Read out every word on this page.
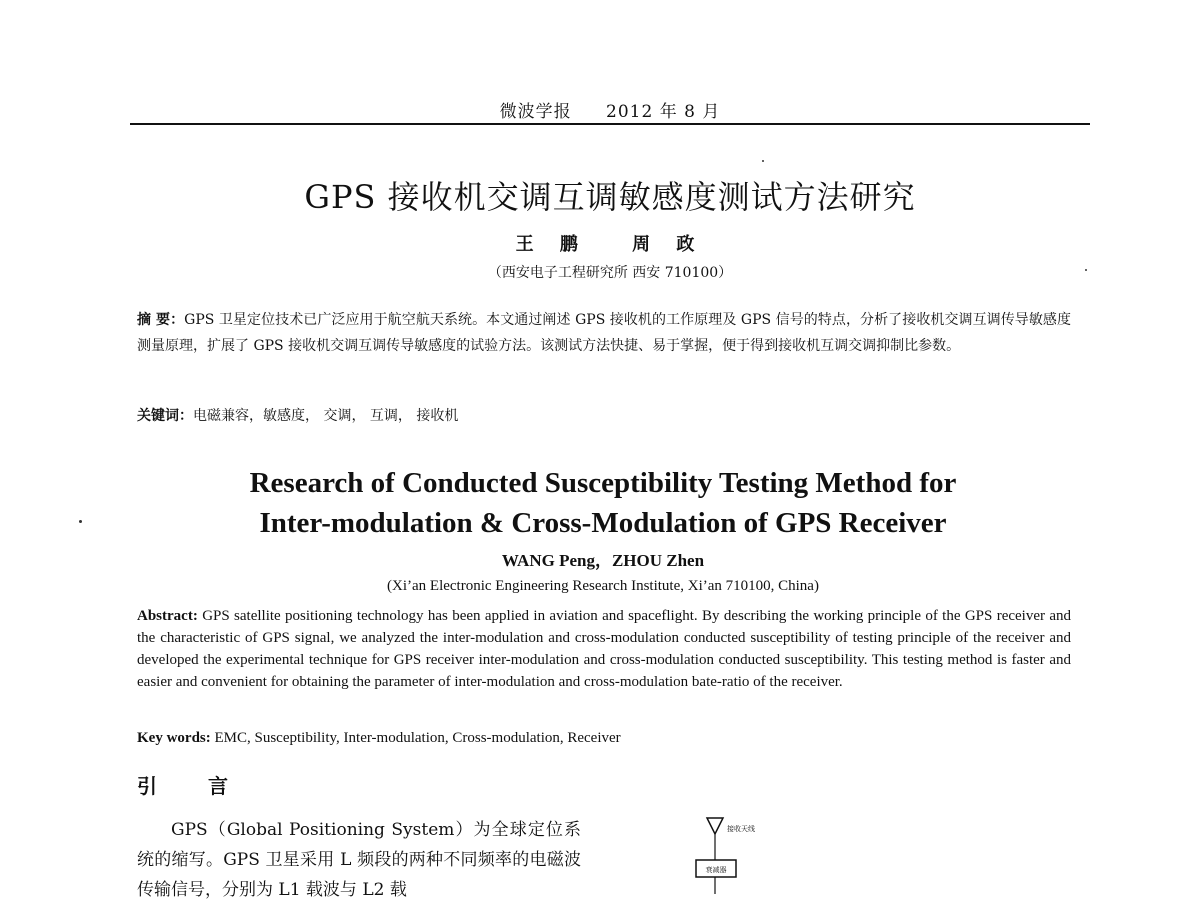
微波学报 2012 年 8 月
GPS 接收机交调互调敏感度测试方法研究
王 鹏 周 政
（西安电子工程研究所 西安 710100）
摘 要：GPS 卫星定位技术已广泛应用于航空航天系统。本文通过阐述 GPS 接收机的工作原理及 GPS 信号的特点，分析了接收机交调互调传导敏感度测量原理，扩展了 GPS 接收机交调互调传导敏感度的试验方法。该测试方法快捷、易于掌握，便于得到接收机互调交调抑制比参数。
关键词：电磁兼容，敏感度， 交调， 互调， 接收机
Research of Conducted Susceptibility Testing Method for
Inter-modulation & Cross-Modulation of GPS Receiver
WANG Peng，ZHOU Zhen
(Xi’an Electronic Engineering Research Institute, Xi’an 710100, China)
Abstract: GPS satellite positioning technology has been applied in aviation and spaceflight. By describing the working principle of the GPS receiver and the characteristic of GPS signal, we analyzed the inter-modulation and cross-modulation conducted susceptibility of testing principle of the receiver and developed the experimental technique for GPS receiver inter-modulation and cross-modulation conducted susceptibility. This testing method is faster and easier and convenient for obtaining the parameter of inter-modulation and cross-modulation bate-ratio of the receiver.
Key words: EMC, Susceptibility, Inter-modulation, Cross-modulation, Receiver
引 言
GPS（Global Positioning System）为全球定位系统的缩写。GPS 卫星采用 L 频段的两种不同频率的电磁波传输信号，分别为 L1 载波与 L2 载
接收天线
衰减器
